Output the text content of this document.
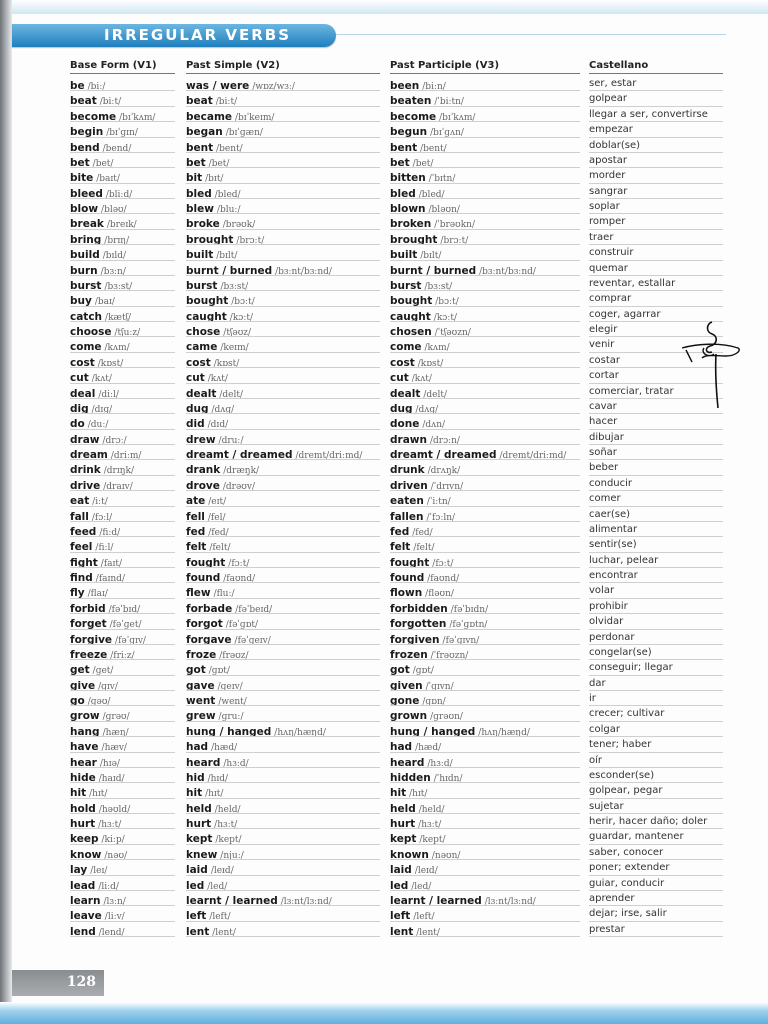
IRREGULAR VERBS
Base Form (V1)	Past Simple (V2)	Past Participle (V3)	Castellano
be /biː/	was / were /wɒz/wɜː/	been /biːn/	ser, estar
beat /biːt/	beat /biːt/	beaten /ˈbiːtn/	golpear
become /bɪˈkʌm/	became /bɪˈkeɪm/	become /bɪˈkʌm/	llegar a ser, convertirse
begin /bɪˈɡɪn/	began /bɪˈɡæn/	begun /bɪˈɡʌn/	empezar
bend /bend/	bent /bent/	bent /bent/	doblar(se)
bet /bet/	bet /bet/	bet /bet/	apostar
bite /baɪt/	bit /bɪt/	bitten /ˈbɪtn/	morder
bleed /bliːd/	bled /bled/	bled /bled/	sangrar
blow /bləʊ/	blew /bluː/	blown /bləʊn/	soplar
break /breɪk/	broke /brəʊk/	broken /ˈbrəʊkn/	romper
bring /brɪŋ/	brought /brɔːt/	brought /brɔːt/	traer
build /bɪld/	built /bɪlt/	built /bɪlt/	construir
burn /bɜːn/	burnt / burned /bɜːnt/bɜːnd/	burnt / burned /bɜːnt/bɜːnd/	quemar
burst /bɜːst/	burst /bɜːst/	burst /bɜːst/	reventar, estallar
buy /baɪ/	bought /bɔːt/	bought /bɔːt/	comprar
catch /kætʃ/	caught /kɔːt/	caught /kɔːt/	coger, agarrar
choose /tʃuːz/	chose /tʃəʊz/	chosen /ˈtʃəʊzn/	elegir
come /kʌm/	came /keɪm/	come /kʌm/	venir
cost /kɒst/	cost /kɒst/	cost /kɒst/	costar
cut /kʌt/	cut /kʌt/	cut /kʌt/	cortar
deal /diːl/	dealt /delt/	dealt /delt/	comerciar, tratar
dig /dɪɡ/	dug /dʌɡ/	dug /dʌɡ/	cavar
do /duː/	did /dɪd/	done /dʌn/	hacer
draw /drɔː/	drew /druː/	drawn /drɔːn/	dibujar
dream /driːm/	dreamt / dreamed /dremt/driːmd/	dreamt / dreamed /dremt/driːmd/	soñar
drink /drɪŋk/	drank /dræŋk/	drunk /drʌŋk/	beber
drive /draɪv/	drove /drəʊv/	driven /ˈdrɪvn/	conducir
eat /iːt/	ate /eɪt/	eaten /ˈiːtn/	comer
fall /fɔːl/	fell /fel/	fallen /ˈfɔːln/	caer(se)
feed /fiːd/	fed /fed/	fed /fed/	alimentar
feel /fiːl/	felt /felt/	felt /felt/	sentir(se)
fight /faɪt/	fought /fɔːt/	fought /fɔːt/	luchar, pelear
find /faɪnd/	found /faʊnd/	found /faʊnd/	encontrar
fly /flaɪ/	flew /fluː/	flown /fləʊn/	volar
forbid /fəˈbɪd/	forbade /fəˈbeɪd/	forbidden /fəˈbɪdn/	prohibir
forget /fəˈɡet/	forgot /fəˈɡɒt/	forgotten /fəˈɡɒtn/	olvidar
forgive /fəˈɡɪv/	forgave /fəˈɡeɪv/	forgiven /fəˈɡɪvn/	perdonar
freeze /friːz/	froze /frəʊz/	frozen /ˈfrəʊzn/	congelar(se)
get /ɡet/	got /ɡɒt/	got /ɡɒt/	conseguir; llegar
give /ɡɪv/	gave /ɡeɪv/	given /ˈɡɪvn/	dar
go /ɡəʊ/	went /went/	gone /ɡɒn/	ir
grow /ɡrəʊ/	grew /ɡruː/	grown /ɡrəʊn/	crecer; cultivar
hang /hæŋ/	hung / hanged /hʌŋ/hæŋd/	hung / hanged /hʌŋ/hæŋd/	colgar
have /hæv/	had /hæd/	had /hæd/	tener; haber
hear /hɪə/	heard /hɜːd/	heard /hɜːd/	oír
hide /haɪd/	hid /hɪd/	hidden /ˈhɪdn/	esconder(se)
hit /hɪt/	hit /hɪt/	hit /hɪt/	golpear, pegar
hold /həʊld/	held /held/	held /held/	sujetar
hurt /hɜːt/	hurt /hɜːt/	hurt /hɜːt/	herir, hacer daño; doler
keep /kiːp/	kept /kept/	kept /kept/	guardar, mantener
know /nəʊ/	knew /njuː/	known /nəʊn/	saber, conocer
lay /leɪ/	laid /leɪd/	laid /leɪd/	poner; extender
lead /liːd/	led /led/	led /led/	guiar, conducir
learn /lɜːn/	learnt / learned /lɜːnt/lɜːnd/	learnt / learned /lɜːnt/lɜːnd/	aprender
leave /liːv/	left /left/	left /left/	dejar; irse, salir
lend /lend/	lent /lent/	lent /lent/	prestar
128
